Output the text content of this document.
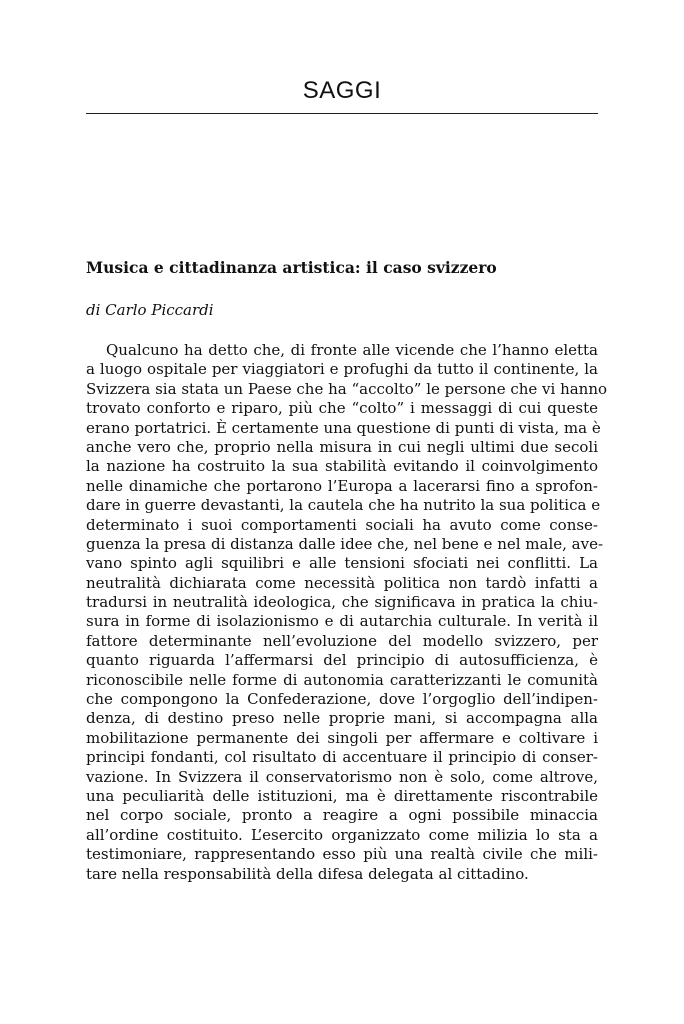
SAGGI
Musica e cittadinanza artistica: il caso svizzero
di Carlo Piccardi
Qualcuno ha detto che, di fronte alle vicende che l’hanno eletta
a luogo ospitale per viaggiatori e profughi da tutto il continente, la
Svizzera sia stata un Paese che ha “accolto” le persone che vi hanno
trovato conforto e riparo, più che “colto” i messaggi di cui queste
erano portatrici. È certamente una questione di punti di vista, ma è
anche vero che, proprio nella misura in cui negli ultimi due secoli
la nazione ha costruito la sua stabilità evitando il coinvolgimento
nelle dinamiche che portarono l’Europa a lacerarsi fino a sprofon-
dare in guerre devastanti, la cautela che ha nutrito la sua politica e
determinato i suoi comportamenti sociali ha avuto come conse-
guenza la presa di distanza dalle idee che, nel bene e nel male, ave-
vano spinto agli squilibri e alle tensioni sfociati nei conflitti. La
neutralità dichiarata come necessità politica non tardò infatti a
tradursi in neutralità ideologica, che significava in pratica la chiu-
sura in forme di isolazionismo e di autarchia culturale. In verità il
fattore determinante nell’evoluzione del modello svizzero, per
quanto riguarda l’affermarsi del principio di autosufficienza, è
riconoscibile nelle forme di autonomia caratterizzanti le comunità
che compongono la Confederazione, dove l’orgoglio dell’indipen-
denza, di destino preso nelle proprie mani, si accompagna alla
mobilitazione permanente dei singoli per affermare e coltivare i
principi fondanti, col risultato di accentuare il principio di conser-
vazione. In Svizzera il conservatorismo non è solo, come altrove,
una peculiarità delle istituzioni, ma è direttamente riscontrabile
nel corpo sociale, pronto a reagire a ogni possibile minaccia
all’ordine costituito. L’esercito organizzato come milizia lo sta a
testimoniare, rappresentando esso più una realtà civile che mili-
tare nella responsabilità della difesa delegata al cittadino.
